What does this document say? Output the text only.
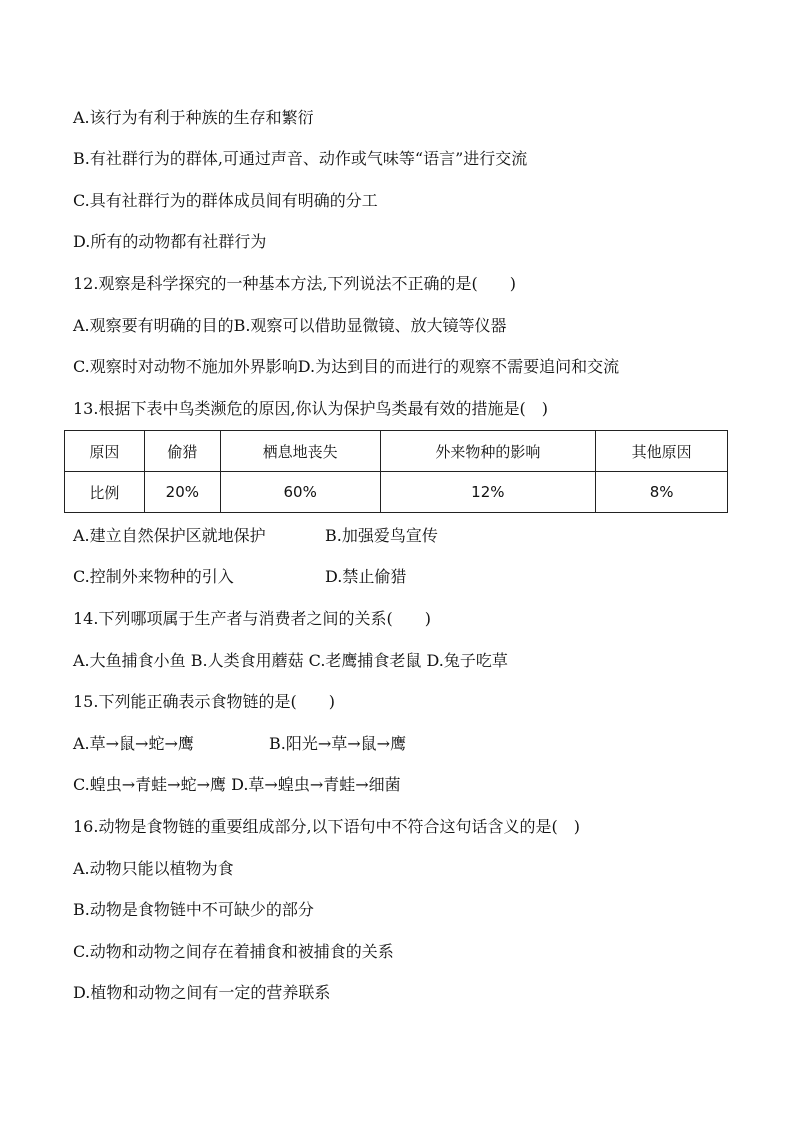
A.该行为有利于种族的生存和繁衍
B.有社群行为的群体,可通过声音、动作或气味等“语言”进行交流
C.具有社群行为的群体成员间有明确的分工
D.所有的动物都有社群行为
12.观察是科学探究的一种基本方法,下列说法不正确的是(　　)
A.观察要有明确的目的B.观察可以借助显微镜、放大镜等仪器
C.观察时对动物不施加外界影响D.为达到目的而进行的观察不需要追问和交流
13.根据下表中鸟类濒危的原因,你认为保护鸟类最有效的措施是(　)
原因	偷猎	栖息地丧失	外来物种的影响	其他原因
比例	20%	60%	12%	8%
A.建立自然保护区就地保护	B.加强爱鸟宣传
C.控制外来物种的引入	D.禁止偷猎
14.下列哪项属于生产者与消费者之间的关系(　　)
A.大鱼捕食小鱼 B.人类食用蘑菇 C.老鹰捕食老鼠 D.兔子吃草
15.下列能正确表示食物链的是(　　)
A.草→鼠→蛇→鹰	B.阳光→草→鼠→鹰
C.蝗虫→青蛙→蛇→鹰 D.草→蝗虫→青蛙→细菌
16.动物是食物链的重要组成部分,以下语句中不符合这句话含义的是(　)
A.动物只能以植物为食
B.动物是食物链中不可缺少的部分
C.动物和动物之间存在着捕食和被捕食的关系
D.植物和动物之间有一定的营养联系
